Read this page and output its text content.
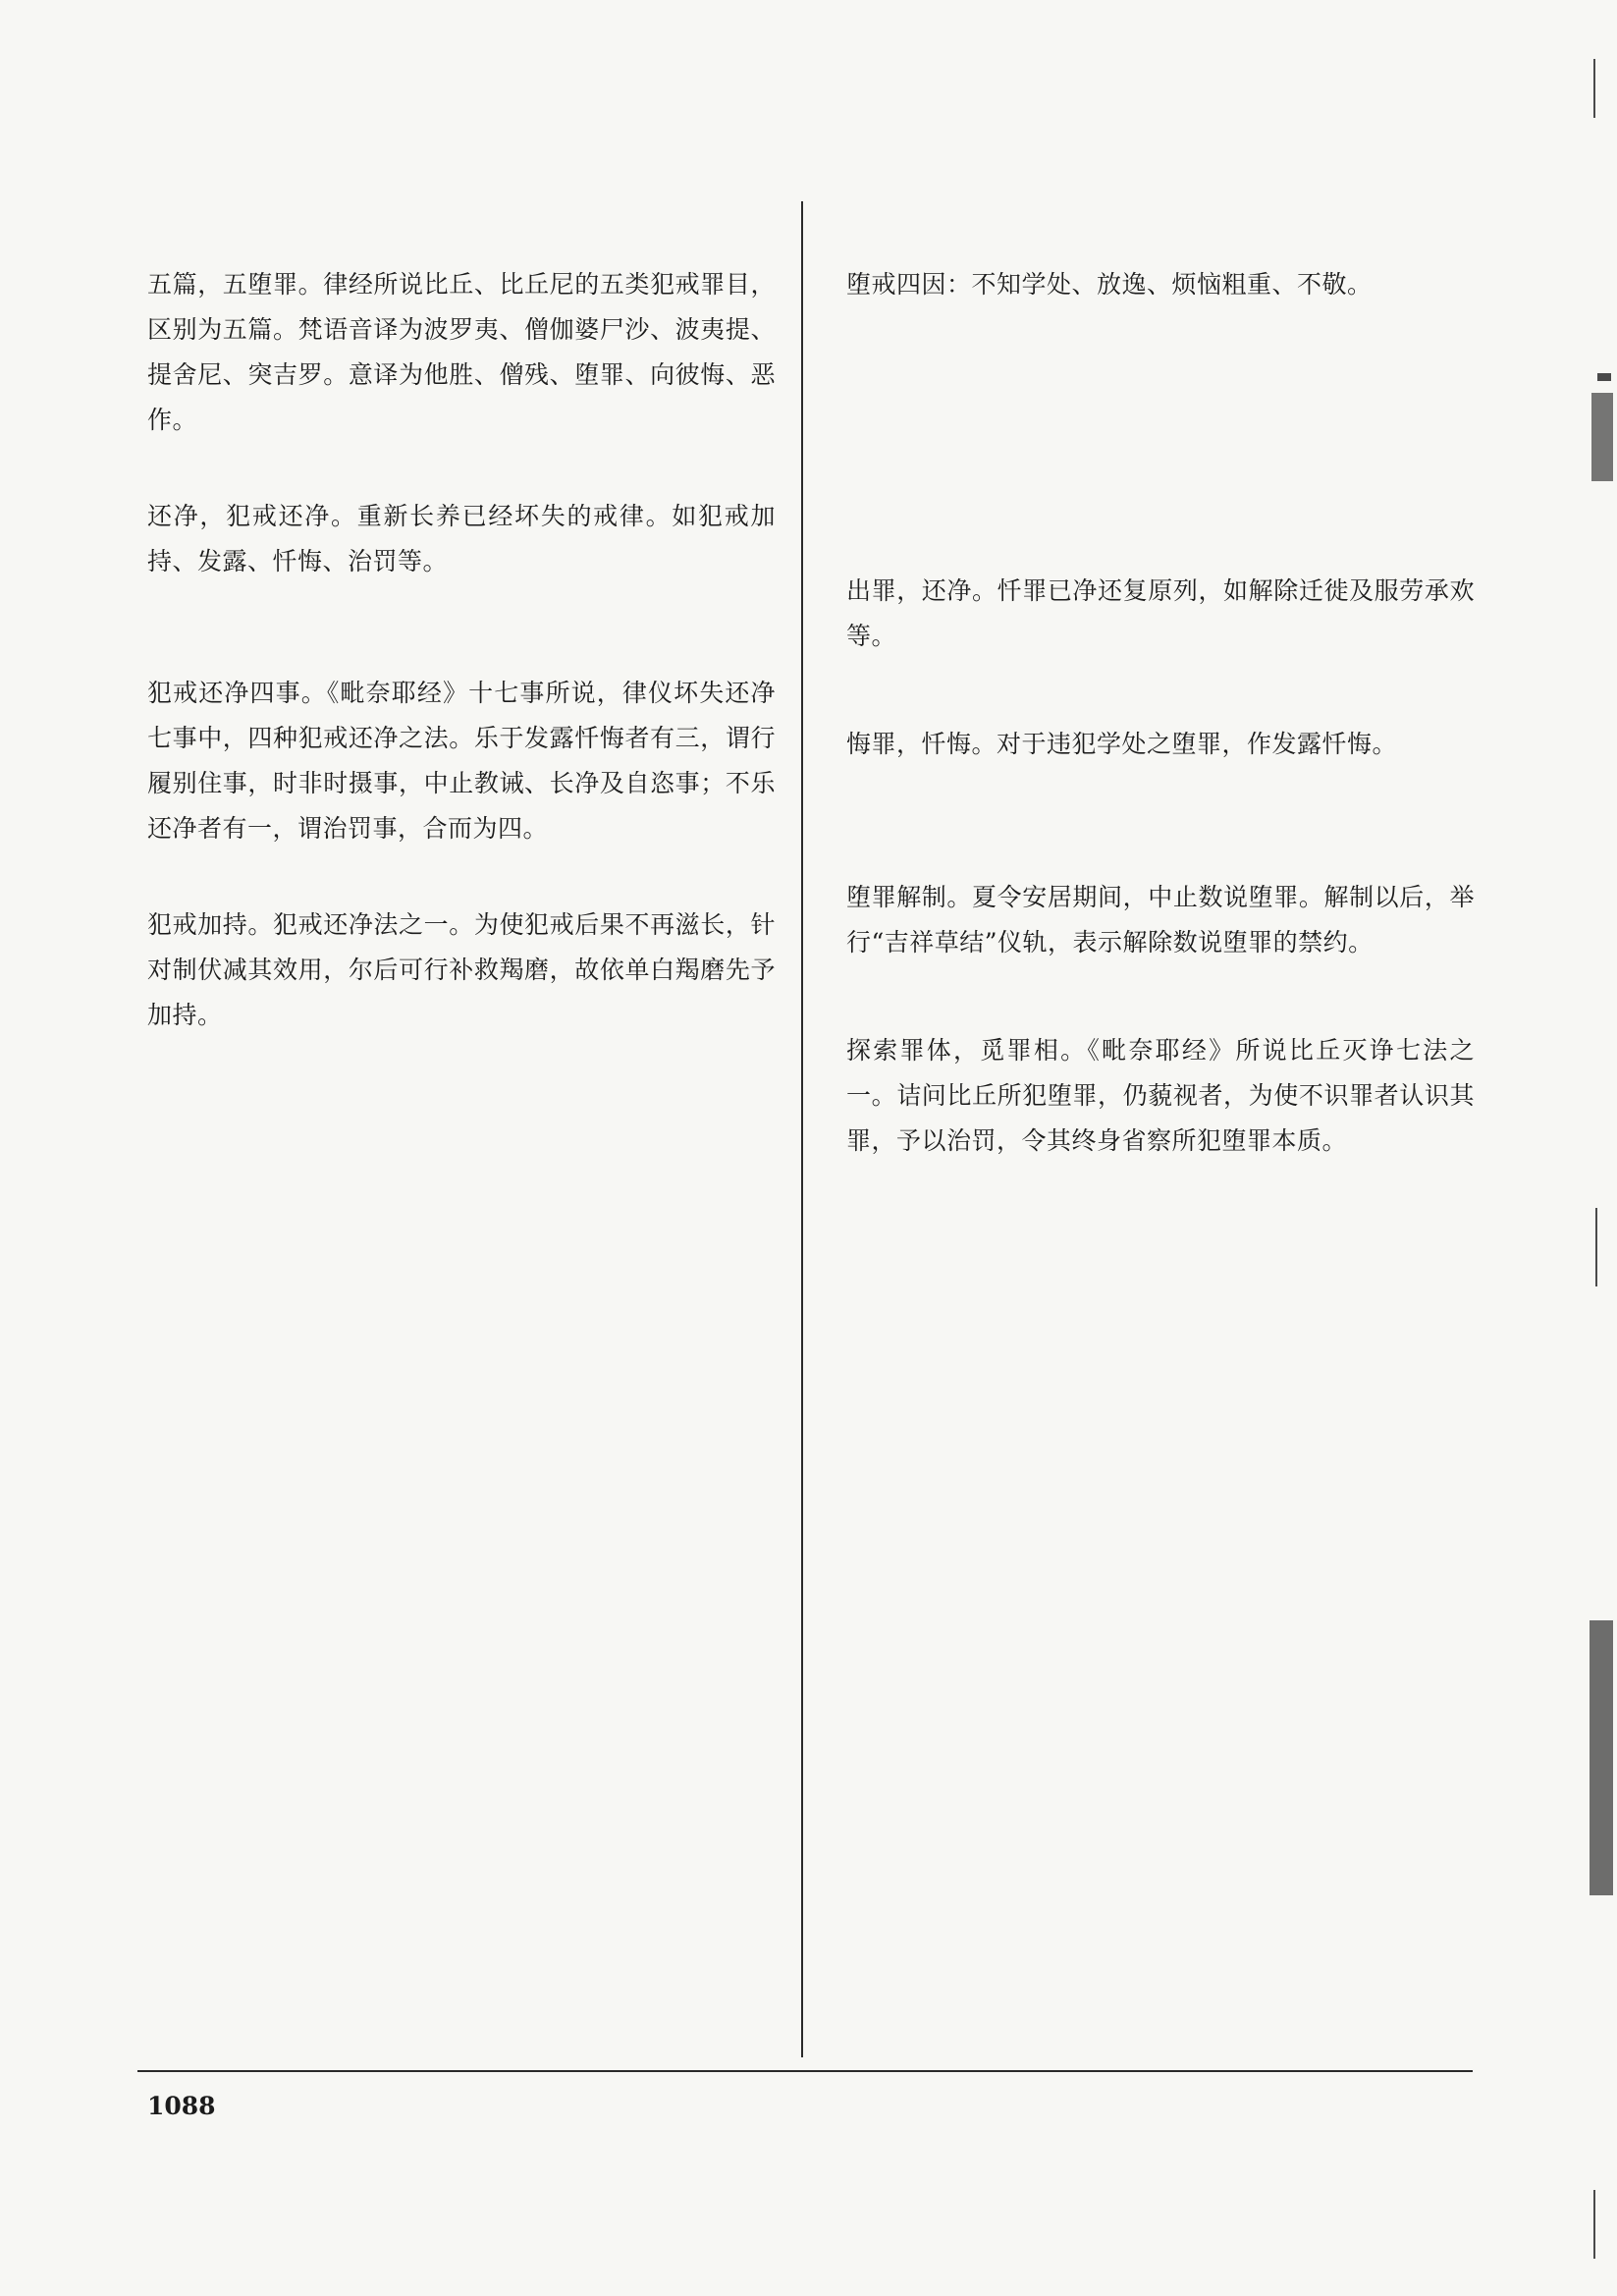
五篇，五堕罪。律经所说比丘、比丘尼的五类犯戒罪目，区别为五篇。梵语音译为波罗夷、僧伽婆尸沙、波夷提、提舍尼、突吉罗。意译为他胜、僧残、堕罪、向彼悔、恶作。

还净，犯戒还净。重新长养已经坏失的戒律。如犯戒加持、发露、忏悔、治罚等。

犯戒还净四事。《毗奈耶经》十七事所说，律仪坏失还净七事中，四种犯戒还净之法。乐于发露忏悔者有三，谓行履别住事，时非时摄事，中止教诫、长净及自恣事；不乐还净者有一，谓治罚事，合而为四。

犯戒加持。犯戒还净法之一。为使犯戒后果不再滋长，针对制伏减其效用，尔后可行补救羯磨，故依单白羯磨先予加持。

堕戒四因：不知学处、放逸、烦恼粗重、不敬。

出罪，还净。忏罪已净还复原列，如解除迁徙及服劳承欢等。

悔罪，忏悔。对于违犯学处之堕罪，作发露忏悔。

堕罪解制。夏令安居期间，中止数说堕罪。解制以后，举行“吉祥草结”仪轨，表示解除数说堕罪的禁约。

探索罪体，觅罪相。《毗奈耶经》所说比丘灭诤七法之一。诘问比丘所犯堕罪，仍藐视者，为使不识罪者认识其罪，予以治罚，令其终身省察所犯堕罪本质。

1088
